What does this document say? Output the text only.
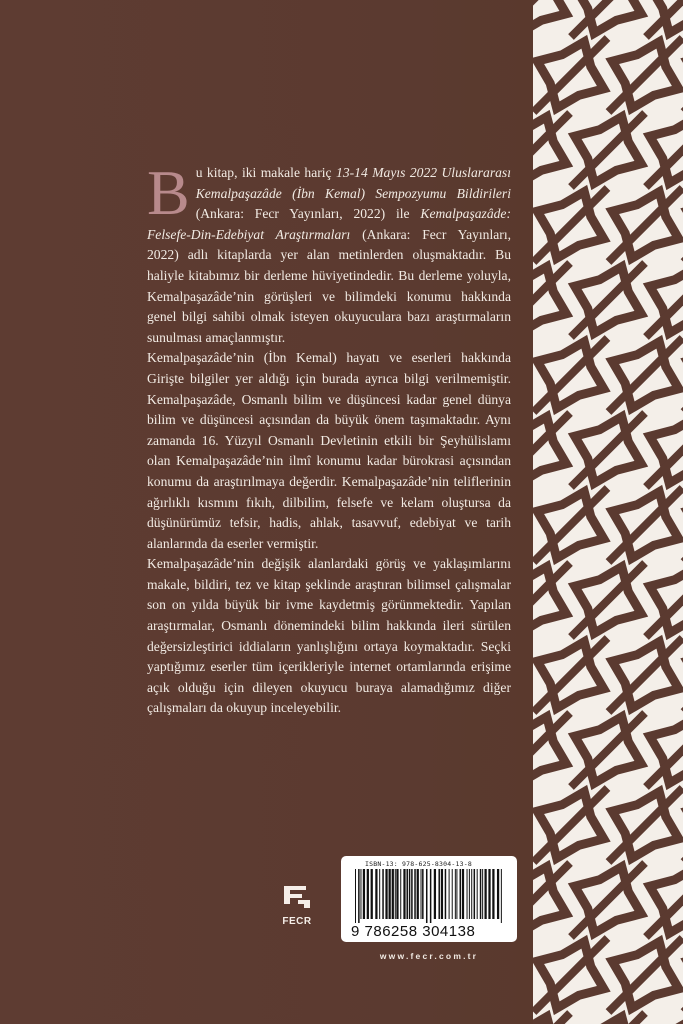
B u kitap, iki makale hariç 13-14 Mayıs 2022 Uluslararası Kemalpaşazâde (İbn Kemal) Sempozyumu Bildirileri (Ankara: Fecr Yayınları, 2022) ile Kemalpaşazâde: Felsefe-Din-Edebiyat Araştırmaları (Ankara: Fecr Yayınları, 2022) adlı kitaplarda yer alan metinlerden oluşmaktadır. Bu haliyle kitabımız bir derleme hüviyetindedir. Bu derleme yoluyla, Kemalpaşazâde’nin görüşleri ve bilimdeki konumu hakkında genel bilgi sahibi olmak isteyen okuyuculara bazı araştırmaların sunulması amaçlanmıştır.

Kemalpaşazâde’nin (İbn Kemal) hayatı ve eserleri hakkında Girişte bilgiler yer aldığı için burada ayrıca bilgi verilmemiştir. Kemalpaşazâde, Osmanlı bilim ve düşüncesi kadar genel dünya bilim ve düşüncesi açısından da büyük önem taşımaktadır. Aynı zamanda 16. Yüzyıl Osmanlı Devletinin etkili bir Şeyhülislamı olan Kemalpaşazâde’nin ilmî konumu kadar bürokrasi açısından konumu da araştırılmaya değerdir. Kemalpaşazâde’nin teliflerinin ağırlıklı kısmını fıkıh, dilbilim, felsefe ve kelam oluştursa da düşünürümüz tefsir, hadis, ahlak, tasavvuf, edebiyat ve tarih alanlarında da eserler vermiştir.

Kemalpaşazâde’nin değişik alanlardaki görüş ve yaklaşımlarını makale, bildiri, tez ve kitap şeklinde araştıran bilimsel çalışmalar son on yılda büyük bir ivme kaydetmiş görünmektedir. Yapılan araştırmalar, Osmanlı dönemindeki bilim hakkında ileri sürülen değersizleştirici iddiaların yanlışlığını ortaya koymaktadır. Seçki yaptığımız eserler tüm içerikleriyle internet ortamlarında erişime açık olduğu için dileyen okuyucu buraya alamadığımız diğer çalışmaları da okuyup inceleyebilir.

FECR
ISBN-13: 978-625-8304-13-8
9 786258 304138
www.fecr.com.tr
